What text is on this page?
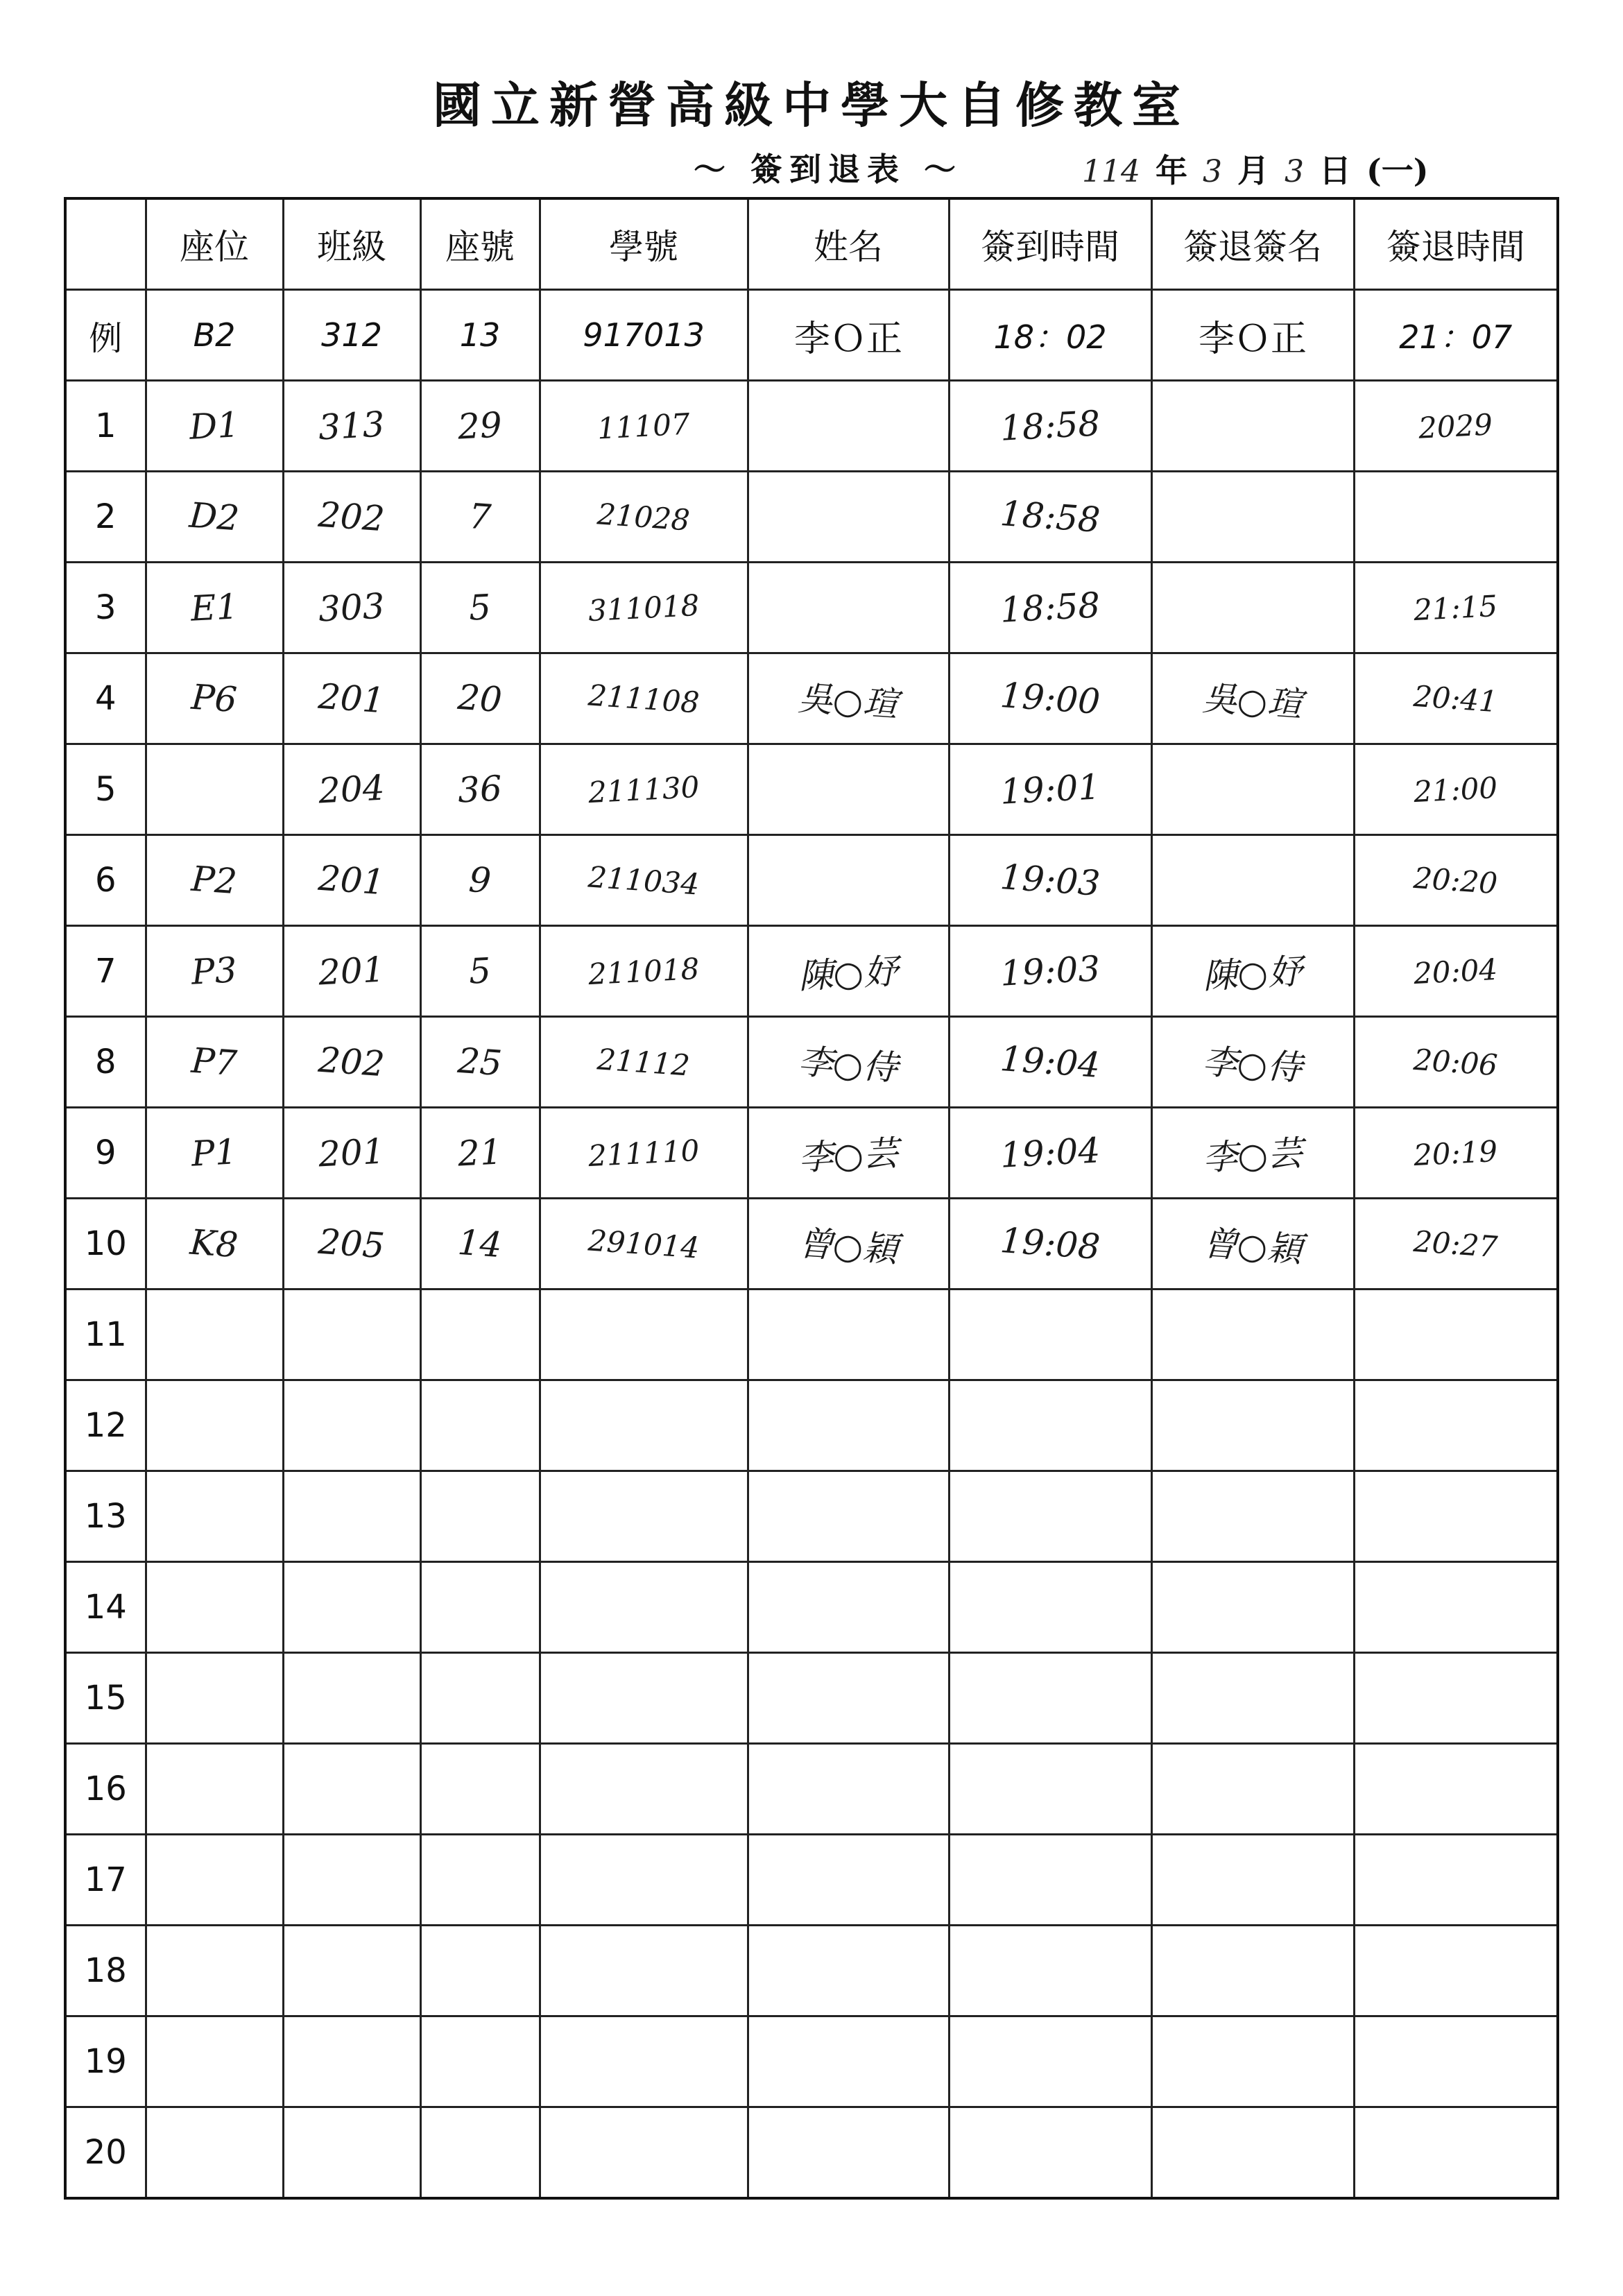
國立新營高級中學大自修教室
～ 簽到退表 ～	114 年 3 月 3 日 (一)
	座位	班級	座號	學號	姓名	簽到時間	簽退簽名	簽退時間
例	B2	312	13	917013	李Ｏ正	18：02	李Ｏ正	21：07
1	D1	313	29	11107		18:58		2029
2	D2	202	7	21028		18:58		
3	E1	303	5	311018		18:58		21:15
4	P6	201	20	211108	吳○瑄	19:00	吳○瑄	20:41
5		204	36	211130		19:01		21:00
6	P2	201	9	211034		19:03		20:20
7	P3	201	5	211018	陳○妤	19:03	陳○妤	20:04
8	P7	202	25	21112	李○侍	19:04	李○侍	20:06
9	P1	201	21	211110	李○芸	19:04	李○芸	20:19
10	K8	205	14	291014	曾○穎	19:08	曾○穎	20:27
11								
12								
13								
14								
15								
16								
17								
18								
19								
20								
